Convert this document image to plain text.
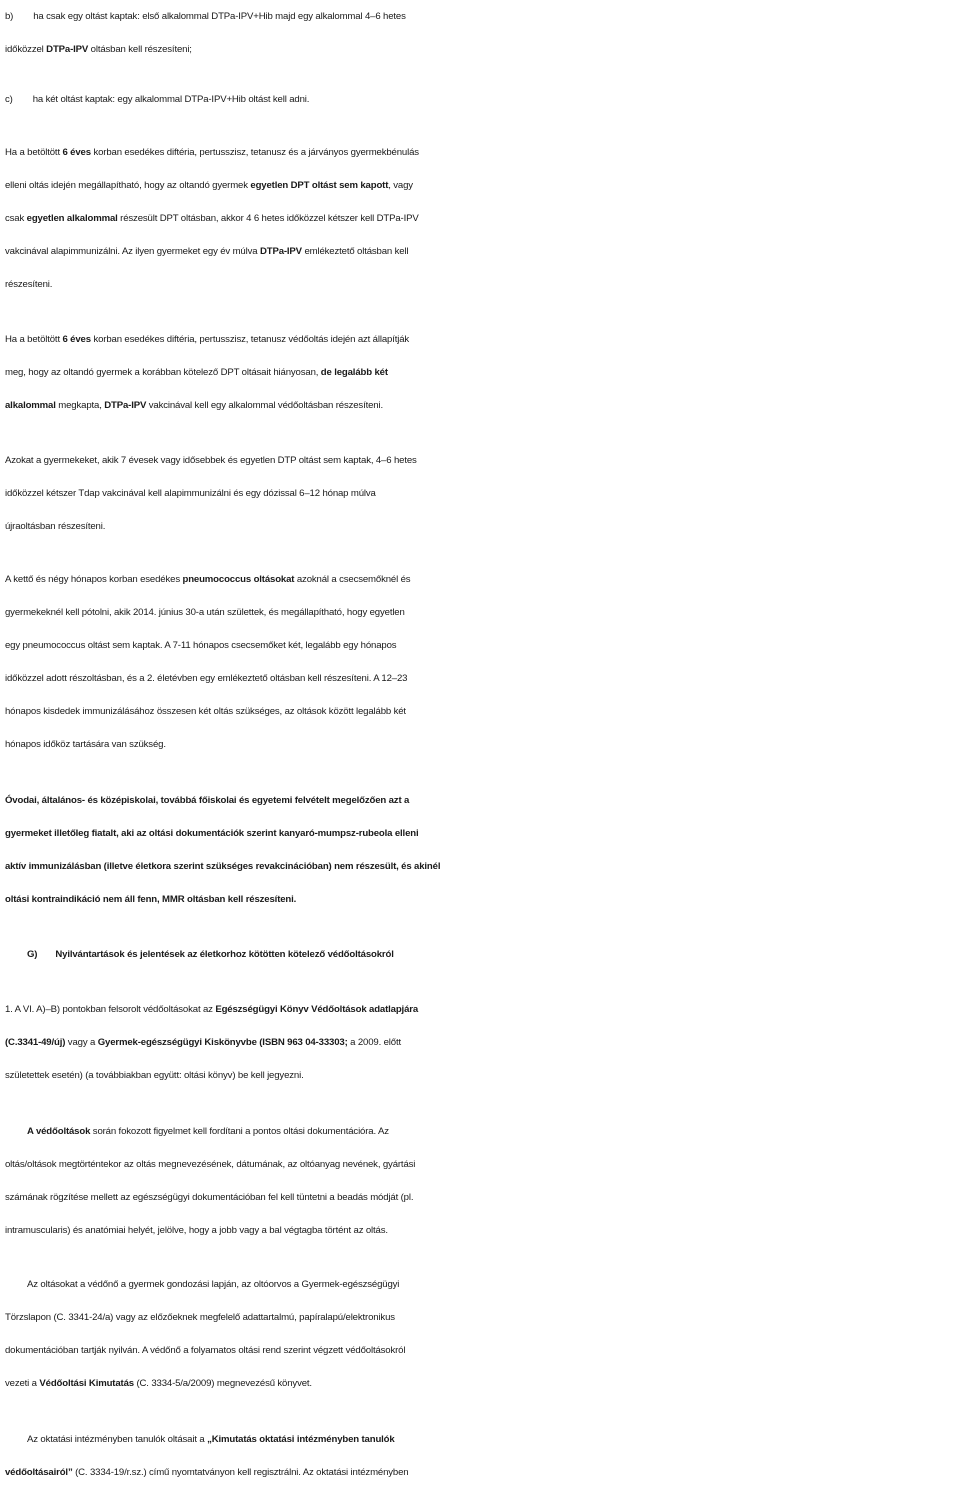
b) ha csak egy oltást kaptak: első alkalommal DTPa-IPV+Hib majd egy alkalommal 4–6 hetes
időközzel DTPa-IPV oltásban kell részesíteni;
c) ha két oltást kaptak: egy alkalommal DTPa-IPV+Hib oltást kell adni.
Ha a betöltött 6 éves korban esedékes diftéria, pertusszisz, tetanusz és a járványos gyermekbénulás
elleni oltás idején megállapítható, hogy az oltandó gyermek egyetlen DPT oltást sem kapott, vagy
csak egyetlen alkalommal részesült DPT oltásban, akkor 4 6 hetes időközzel kétszer kell DTPa-IPV
vakcinával alapimmunizálni. Az ilyen gyermeket egy év múlva DTPa-IPV emlékeztető oltásban kell
részesíteni.
Ha a betöltött 6 éves korban esedékes diftéria, pertusszisz, tetanusz védőoltás idején azt állapítják
meg, hogy az oltandó gyermek a korábban kötelező DPT oltásait hiányosan, de legalább két
alkalommal megkapta, DTPa-IPV vakcinával kell egy alkalommal védőoltásban részesíteni.
Azokat a gyermekeket, akik 7 évesek vagy idősebbek és egyetlen DTP oltást sem kaptak, 4–6 hetes
időközzel kétszer Tdap vakcinával kell alapimmunizálni és egy dózissal 6–12 hónap múlva
újraoltásban részesíteni.
A kettő és négy hónapos korban esedékes pneumococcus oltásokat azoknál a csecsemőknél és
gyermekeknél kell pótolni, akik 2014. június 30-a után születtek, és megállapítható, hogy egyetlen
egy pneumococcus oltást sem kaptak. A 7-11 hónapos csecsemőket két, legalább egy hónapos
időközzel adott részoltásban, és a 2. életévben egy emlékeztető oltásban kell részesíteni. A 12–23
hónapos kisdedek immunizálásához összesen két oltás szükséges, az oltások között legalább két
hónapos időköz tartására van szükség.
Óvodai, általános- és középiskolai, továbbá főiskolai és egyetemi felvételt megelőzően azt a
gyermeket illetőleg fiatalt, aki az oltási dokumentációk szerint kanyaró-mumpsz-rubeola elleni
aktív immunizálásban (illetve életkora szerint szükséges revakcinációban) nem részesült, és akinél
oltási kontraindikáció nem áll fenn, MMR oltásban kell részesíteni.
G) Nyilvántartások és jelentések az életkorhoz kötötten kötelező védőoltásokról
1. A VI. A)–B) pontokban felsorolt védőoltásokat az Egészségügyi Könyv Védőoltások adatlapjára
(C.3341-49/új) vagy a Gyermek-egészségügyi Kiskönyvbe (ISBN 963 04-33303; a 2009. előtt
születettek esetén) (a továbbiakban együtt: oltási könyv) be kell jegyezni.
A védőoltások során fokozott figyelmet kell fordítani a pontos oltási dokumentációra. Az
oltás/oltások megtörténtekor az oltás megnevezésének, dátumának, az oltóanyag nevének, gyártási
számának rögzítése mellett az egészségügyi dokumentációban fel kell tüntetni a beadás módját (pl.
intramuscularis) és anatómiai helyét, jelölve, hogy a jobb vagy a bal végtagba történt az oltás.
Az oltásokat a védőnő a gyermek gondozási lapján, az oltóorvos a Gyermek-egészségügyi
Törzslapon (C. 3341-24/a) vagy az előzőeknek megfelelő adattartalmú, papíralapú/elektronikus
dokumentációban tartják nyilván. A védőnő a folyamatos oltási rend szerint végzett védőoltásokról
vezeti a Védőoltási Kimutatás (C. 3334-5/a/2009) megnevezésű könyvet.
Az oktatási intézményben tanulók oltásait a „Kimutatás oktatási intézményben tanulók
védőoltásairól” (C. 3334-19/r.sz.) című nyomtatványon kell regisztrálni. Az oktatási intézményben
